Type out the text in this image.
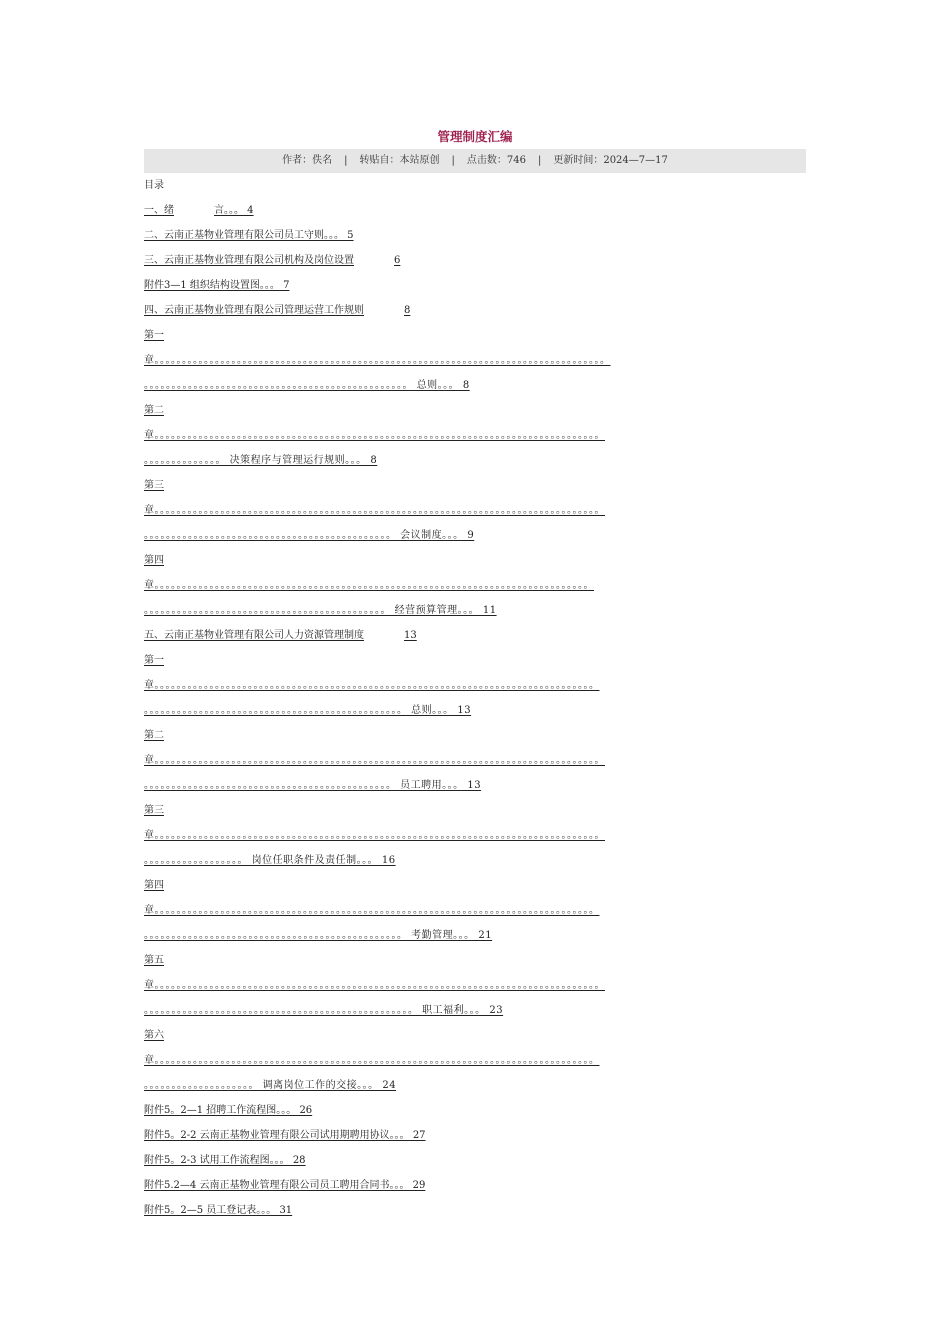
管理制度汇编
作者：佚名 | 转贴自：本站原创 | 点击数：746 | 更新时间：2024—7—17
目录
一、绪	言。。。 4
二、云南正基物业管理有限公司员工守则。。。 5
三、云南正基物业管理有限公司机构及岗位设置	6
附件3—1 组织结构设置图。。。 7
四、云南正基物业管理有限公司管理运营工作规则	8
第一
章。。。。。。。。。。。。。。。。。。。。。。。。。。。。。。。。。。。。。。。。。。。。。。。。。。。。。。。。。。。。。。。。。。。。。。。。。。。。。。。。。。
。。。。。。。。。。。。。。。。。。。。。。。。。。。。。。。。。。。。。。。。。。。。。。。。 总则。。。 8
第二
章。。。。。。。。。。。。。。。。。。。。。。。。。。。。。。。。。。。。。。。。。。。。。。。。。。。。。。。。。。。。。。。。。。。。。。。。。。。。。。。。。
。。。。。。。。。。。。。。 决策程序与管理运行规则。。。 8
第三
章。。。。。。。。。。。。。。。。。。。。。。。。。。。。。。。。。。。。。。。。。。。。。。。。。。。。。。。。。。。。。。。。。。。。。。。。。。。。。。。。。
。。。。。。。。。。。。。。。。。。。。。。。。。。。。。。。。。。。。。。。。。。。。。 会议制度。。。 9
第四
章。。。。。。。。。。。。。。。。。。。。。。。。。。。。。。。。。。。。。。。。。。。。。。。。。。。。。。。。。。。。。。。。。。。。。。。。。。。。。。。
。。。。。。。。。。。。。。。。。。。。。。。。。。。。。。。。。。。。。。。。。。。。 经营预算管理。。。 11
五、云南正基物业管理有限公司人力资源管理制度	13
第一
章。。。。。。。。。。。。。。。。。。。。。。。。。。。。。。。。。。。。。。。。。。。。。。。。。。。。。。。。。。。。。。。。。。。。。。。。。。。。。。。。
。。。。。。。。。。。。。。。。。。。。。。。。。。。。。。。。。。。。。。。。。。。。。。。 总则。。。 13
第二
章。。。。。。。。。。。。。。。。。。。。。。。。。。。。。。。。。。。。。。。。。。。。。。。。。。。。。。。。。。。。。。。。。。。。。。。。。。。。。。。。。
。。。。。。。。。。。。。。。。。。。。。。。。。。。。。。。。。。。。。。。。。。。。。 员工聘用。。。 13
第三
章。。。。。。。。。。。。。。。。。。。。。。。。。。。。。。。。。。。。。。。。。。。。。。。。。。。。。。。。。。。。。。。。。。。。。。。。。。。。。。。。。
。。。。。。。。。。。。。。。。。。 岗位任职条件及责任制。。。 16
第四
章。。。。。。。。。。。。。。。。。。。。。。。。。。。。。。。。。。。。。。。。。。。。。。。。。。。。。。。。。。。。。。。。。。。。。。。。。。。。。。。。
。。。。。。。。。。。。。。。。。。。。。。。。。。。。。。。。。。。。。。。。。。。。。。。 考勤管理。。。 21
第五
章。。。。。。。。。。。。。。。。。。。。。。。。。。。。。。。。。。。。。。。。。。。。。。。。。。。。。。。。。。。。。。。。。。。。。。。。。。。。。。。。。
。。。。。。。。。。。。。。。。。。。。。。。。。。。。。。。。。。。。。。。。。。。。。。。。。 职工福利。。。 23
第六
章。。。。。。。。。。。。。。。。。。。。。。。。。。。。。。。。。。。。。。。。。。。。。。。。。。。。。。。。。。。。。。。。。。。。。。。。。。。。。。。。
。。。。。。。。。。。。。。。。。。。。 调离岗位工作的交接。。。 24
附件5。2—1 招聘工作流程图。。。 26
附件5。2-2 云南正基物业管理有限公司试用期聘用协议。。。 27
附件5。2-3 试用工作流程图。。。 28
附件5.2—4 云南正基物业管理有限公司员工聘用合同书。。。 29
附件5。2—5 员工登记表。。。 31
